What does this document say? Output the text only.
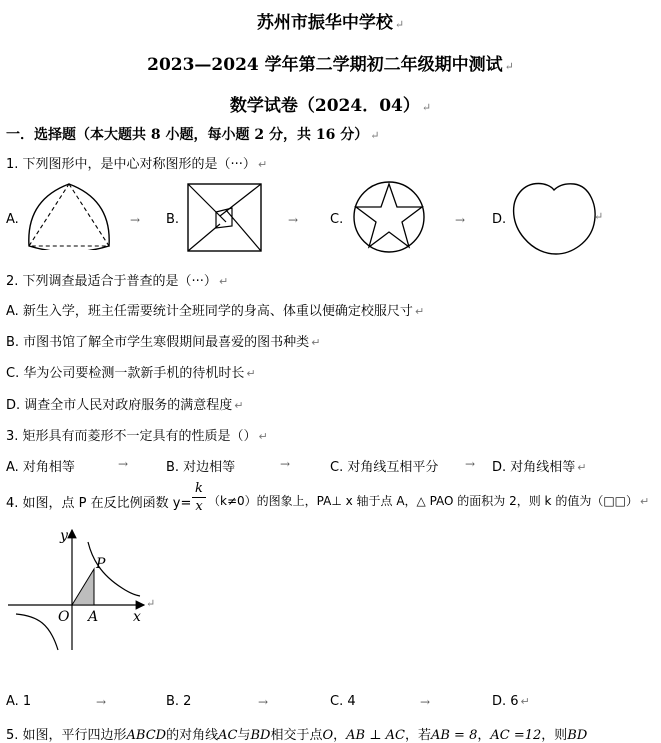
苏州市振华中学校 ↵
2023—2024 学年第二学期初二年级期中测试 ↵
数学试卷（2024．04） ↵
一．选择题（本大题共 8 小题，每小题 2 分，共 16 分） ↵
1. 下列图形中，是中心对称图形的是（···） ↵
A.	→ B.	→ C.	→ D.	↵
2. 下列调查最适合于普查的是（···） ↵
A. 新生入学，班主任需要统计全班同学的身高、体重以便确定校服尺寸 ↵
B. 市图书馆了解全市学生寒假期间最喜爱的图书种类 ↵
C. 华为公司要检测一款新手机的待机时长 ↵
D. 调查全市人民对政府服务的满意程度 ↵
3. 矩形具有而菱形不一定具有的性质是（） ↵
A. 对角相等	→	B. 对边相等	→	C. 对角线互相平分 → D. 对角线相等 ↵
4. 如图，点 P 在反比例函数 y=
k
x （k≠0）的图象上，PA⊥ x 轴于点 A，△ PAO 的面积为 2，则 k 的值为（□□） ↵
y
x
O A
P
↵
A. 1	→	B. 2	→	C. 4	→	D. 6 ↵
5. 如图，平行四边形ABCD的对角线AC与BD相交于点O，AB ⊥ AC，若AB = 8，AC =12，则BD
